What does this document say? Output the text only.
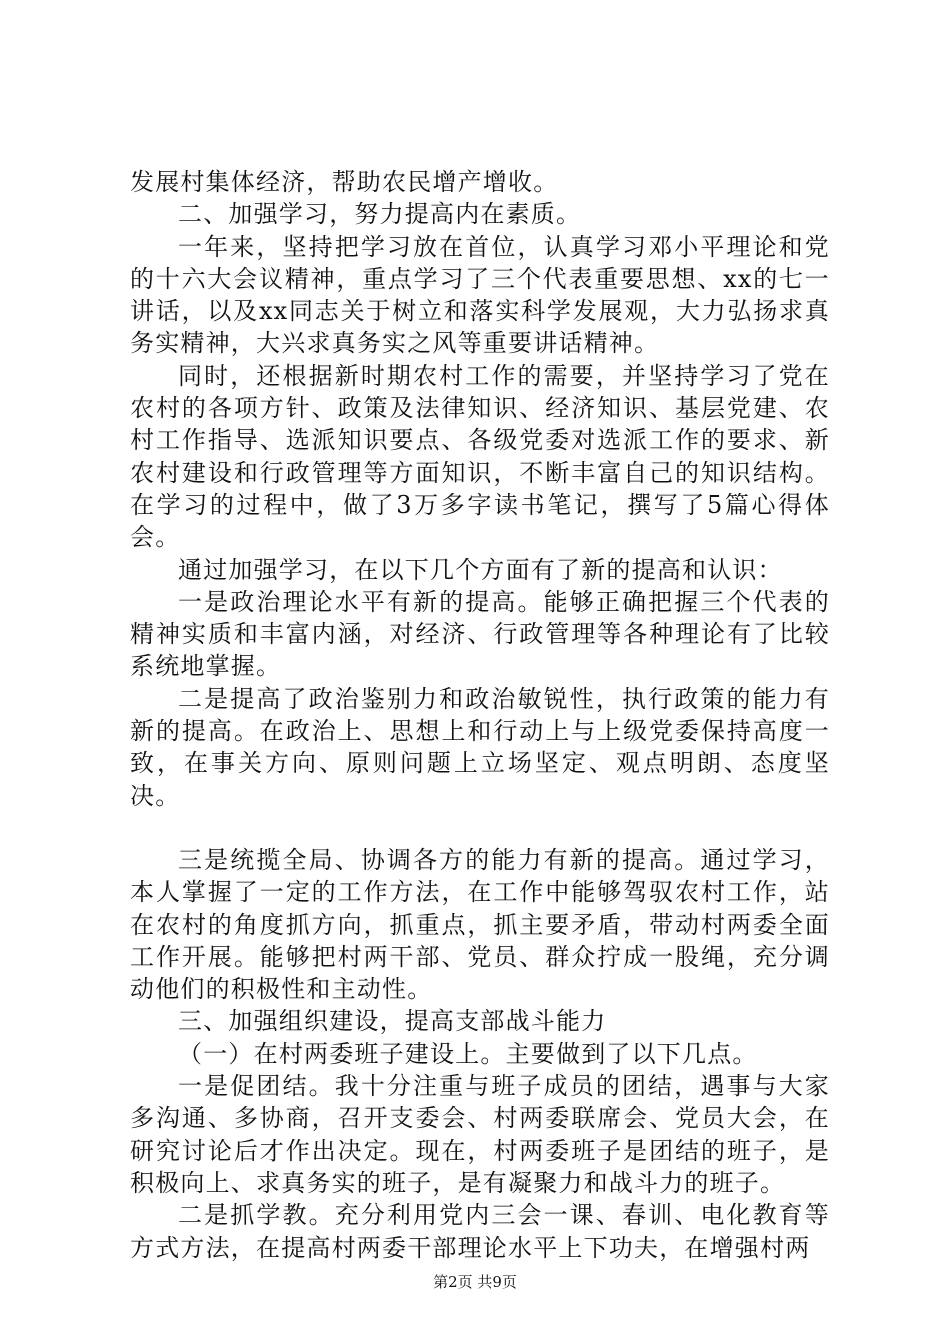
发展村集体经济，帮助农民增产增收。

二、加强学习，努力提高内在素质。

一年来，坚持把学习放在首位，认真学习邓小平理论和党的十六大会议精神，重点学习了三个代表重要思想、xx的七一讲话，以及xx同志关于树立和落实科学发展观，大力弘扬求真务实精神，大兴求真务实之风等重要讲话精神。

同时，还根据新时期农村工作的需要，并坚持学习了党在农村的各项方针、政策及法律知识、经济知识、基层党建、农村工作指导、选派知识要点、各级党委对选派工作的要求、新农村建设和行政管理等方面知识，不断丰富自己的知识结构。在学习的过程中，做了3万多字读书笔记，撰写了5篇心得体会。

通过加强学习，在以下几个方面有了新的提高和认识：

一是政治理论水平有新的提高。能够正确把握三个代表的精神实质和丰富内涵，对经济、行政管理等各种理论有了比较系统地掌握。

二是提高了政治鉴别力和政治敏锐性，执行政策的能力有新的提高。在政治上、思想上和行动上与上级党委保持高度一致，在事关方向、原则问题上立场坚定、观点明朗、态度坚决。

三是统揽全局、协调各方的能力有新的提高。通过学习，本人掌握了一定的工作方法，在工作中能够驾驭农村工作，站在农村的角度抓方向，抓重点，抓主要矛盾，带动村两委全面工作开展。能够把村两干部、党员、群众拧成一股绳，充分调动他们的积极性和主动性。

三、加强组织建设，提高支部战斗能力

（一）在村两委班子建设上。主要做到了以下几点。

一是促团结。我十分注重与班子成员的团结，遇事与大家多沟通、多协商，召开支委会、村两委联席会、党员大会，在研究讨论后才作出决定。现在，村两委班子是团结的班子，是积极向上、求真务实的班子，是有凝聚力和战斗力的班子。

二是抓学教。充分利用党内三会一课、春训、电化教育等方式方法，在提高村两委干部理论水平上下功夫，在增强村两

第2页 共9页
